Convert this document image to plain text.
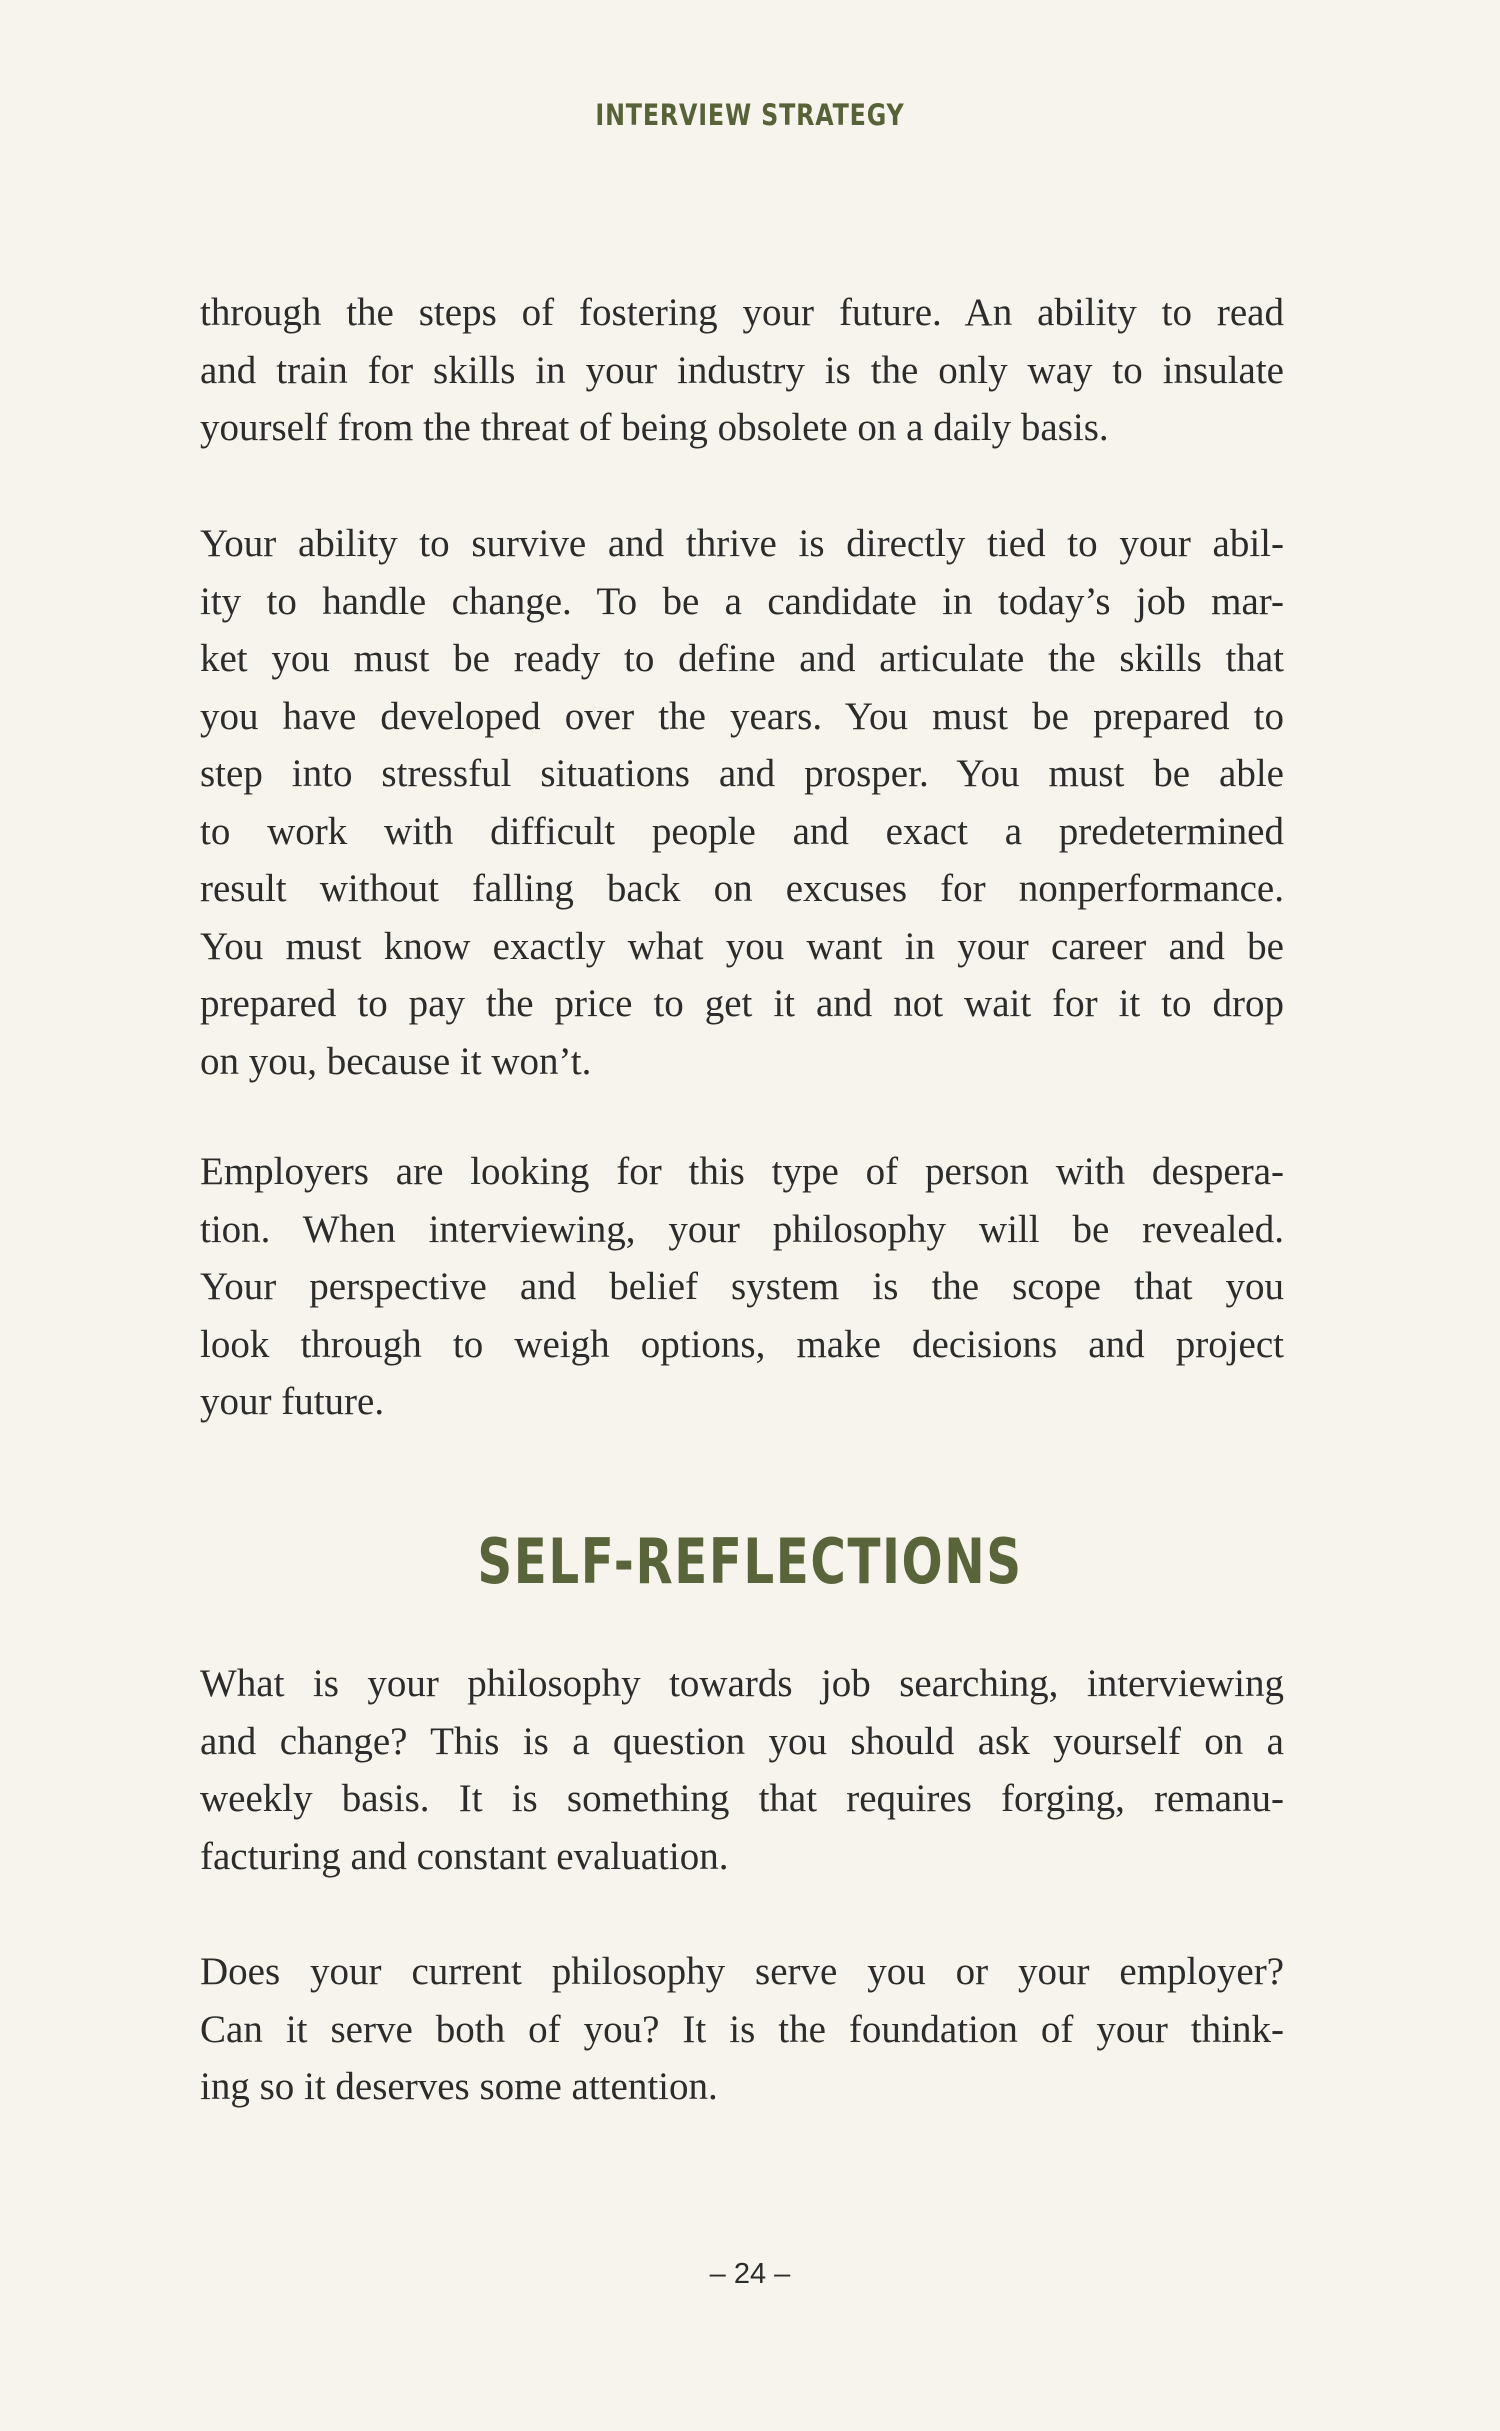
INTERVIEW STRATEGY
through the steps of fostering your future. An ability to read
and train for skills in your industry is the only way to insulate
yourself from the threat of being obsolete on a daily basis.
Your ability to survive and thrive is directly tied to your abil-
ity to handle change. To be a candidate in today’s job mar-
ket you must be ready to define and articulate the skills that
you have developed over the years. You must be prepared to
step into stressful situations and prosper. You must be able
to work with difficult people and exact a predetermined
result without falling back on excuses for nonperformance.
You must know exactly what you want in your career and be
prepared to pay the price to get it and not wait for it to drop
on you, because it won’t.
Employers are looking for this type of person with despera-
tion. When interviewing, your philosophy will be revealed.
Your perspective and belief system is the scope that you
look through to weigh options, make decisions and project
your future.
SELF-REFLECTIONS
What is your philosophy towards job searching, interviewing
and change? This is a question you should ask yourself on a
weekly basis. It is something that requires forging, remanu-
facturing and constant evaluation.
Does your current philosophy serve you or your employer?
Can it serve both of you? It is the foundation of your think-
ing so it deserves some attention.
– 24 –
